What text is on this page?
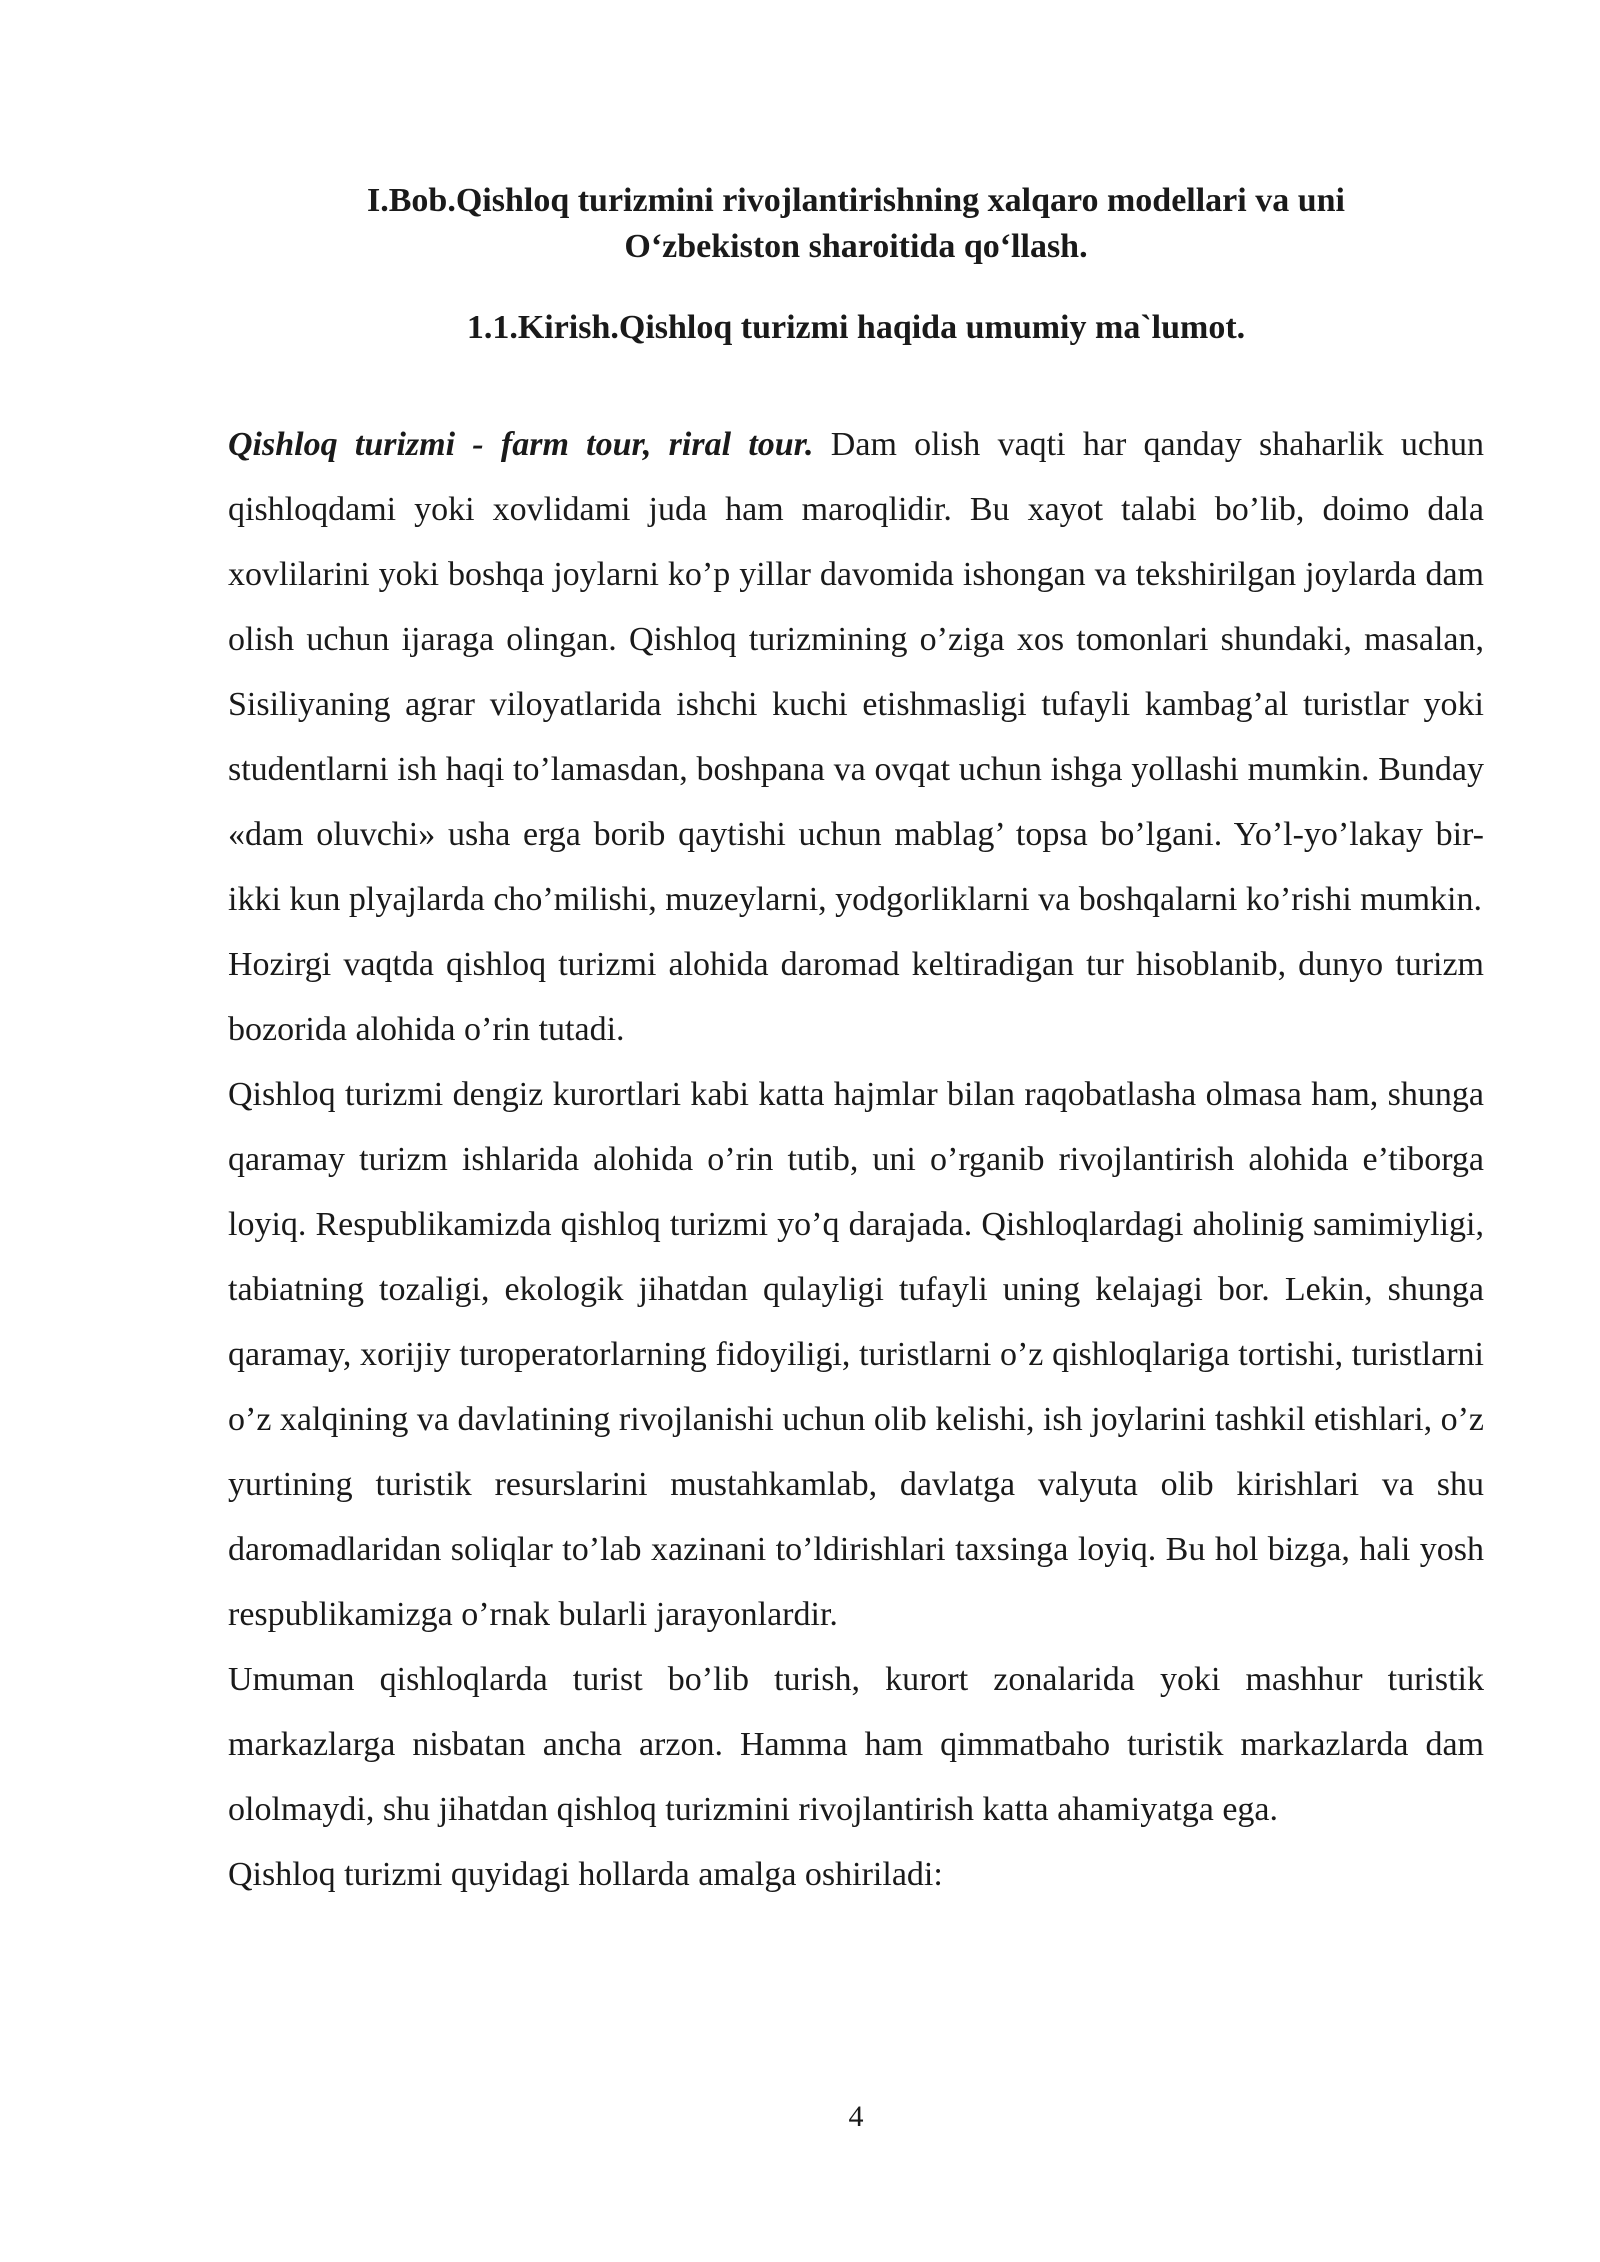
I.Bob.Qishloq turizmini rivojlantirishning xalqaro modellari va uni
O‘zbekiston sharoitida qo‘llash.
1.1.Kirish.Qishloq turizmi haqida umumiy ma`lumot.

Qishloq turizmi - farm tour, riral tour. Dam olish vaqti har qanday shaharlik uchun qishloqdami yoki xovlidami juda ham maroqlidir. Bu xayot talabi bo’lib, doimo dala xovlilarini yoki boshqa joylarni ko’p yillar davomida ishongan va tekshirilgan joylarda dam olish uchun ijaraga olingan. Qishloq turizmining o’ziga xos tomonlari shundaki, masalan, Sisiliyaning agrar viloyatlarida ishchi kuchi etishmasligi tufayli kambag’al turistlar yoki studentlarni ish haqi to’lamasdan, boshpana va ovqat uchun ishga yollashi mumkin. Bunday «dam oluvchi» usha erga borib qaytishi uchun mablag’ topsa bo’lgani. Yo’l-yo’lakay bir-ikki kun plyajlarda cho’milishi, muzeylarni, yodgorliklarni va boshqalarni ko’rishi mumkin.

Hozirgi vaqtda qishloq turizmi alohida daromad keltiradigan tur hisoblanib, dunyo turizm bozorida alohida o’rin tutadi.

Qishloq turizmi dengiz kurortlari kabi katta hajmlar bilan raqobatlasha olmasa ham, shunga qaramay turizm ishlarida alohida o’rin tutib, uni o’rganib rivojlantirish alohida e’tiborga loyiq. Respublikamizda qishloq turizmi yo’q darajada. Qishloqlardagi aholinig samimiyligi, tabiatning tozaligi, ekologik jihatdan qulayligi tufayli uning kelajagi bor. Lekin, shunga qaramay, xorijiy turoperatorlarning fidoyiligi, turistlarni o’z qishloqlariga tortishi, turistlarni o’z xalqining va davlatining rivojlanishi uchun olib kelishi, ish joylarini tashkil etishlari, o’z yurtining turistik resurslarini mustahkamlab, davlatga valyuta olib kirishlari va shu daromadlaridan soliqlar to’lab xazinani to’ldirishlari taxsinga loyiq. Bu hol bizga, hali yosh respublikamizga o’rnak bularli jarayonlardir.

Umuman qishloqlarda turist bo’lib turish, kurort zonalarida yoki mashhur turistik markazlarga nisbatan ancha arzon. Hamma ham qimmatbaho turistik markazlarda dam ololmaydi, shu jihatdan qishloq turizmini rivojlantirish katta ahamiyatga ega.

Qishloq turizmi quyidagi hollarda amalga oshiriladi:

4
